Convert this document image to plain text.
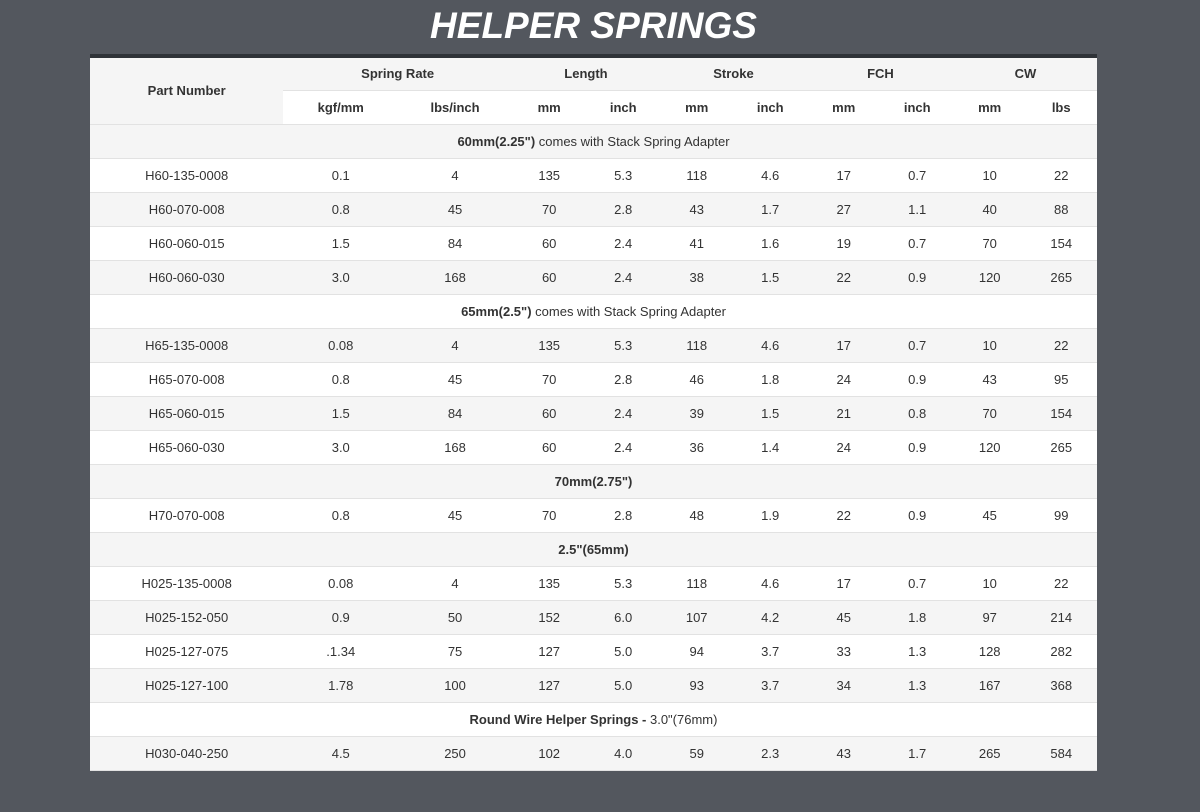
HELPER SPRINGS
Part Number	Spring Rate		Length		Stroke		FCH		CW	
	kgf/mm	lbs/inch	mm	inch	mm	inch	mm	inch	mm	lbs
60mm(2.25") comes with Stack Spring Adapter										
H60-135-0008	0.1	4	135	5.3	118	4.6	17	0.7	10	22
H60-070-008	0.8	45	70	2.8	43	1.7	27	1.1	40	88
H60-060-015	1.5	84	60	2.4	41	1.6	19	0.7	70	154
H60-060-030	3.0	168	60	2.4	38	1.5	22	0.9	120	265
65mm(2.5") comes with Stack Spring Adapter										
H65-135-0008	0.08	4	135	5.3	118	4.6	17	0.7	10	22
H65-070-008	0.8	45	70	2.8	46	1.8	24	0.9	43	95
H65-060-015	1.5	84	60	2.4	39	1.5	21	0.8	70	154
H65-060-030	3.0	168	60	2.4	36	1.4	24	0.9	120	265
70mm(2.75")										
H70-070-008	0.8	45	70	2.8	48	1.9	22	0.9	45	99
2.5"(65mm)										
H025-135-0008	0.08	4	135	5.3	118	4.6	17	0.7	10	22
H025-152-050	0.9	50	152	6.0	107	4.2	45	1.8	97	214
H025-127-075	.1.34	75	127	5.0	94	3.7	33	1.3	128	282
H025-127-100	1.78	100	127	5.0	93	3.7	34	1.3	167	368
Round Wire Helper Springs - 3.0"(76mm)										
H030-040-250	4.5	250	102	4.0	59	2.3	43	1.7	265	584
